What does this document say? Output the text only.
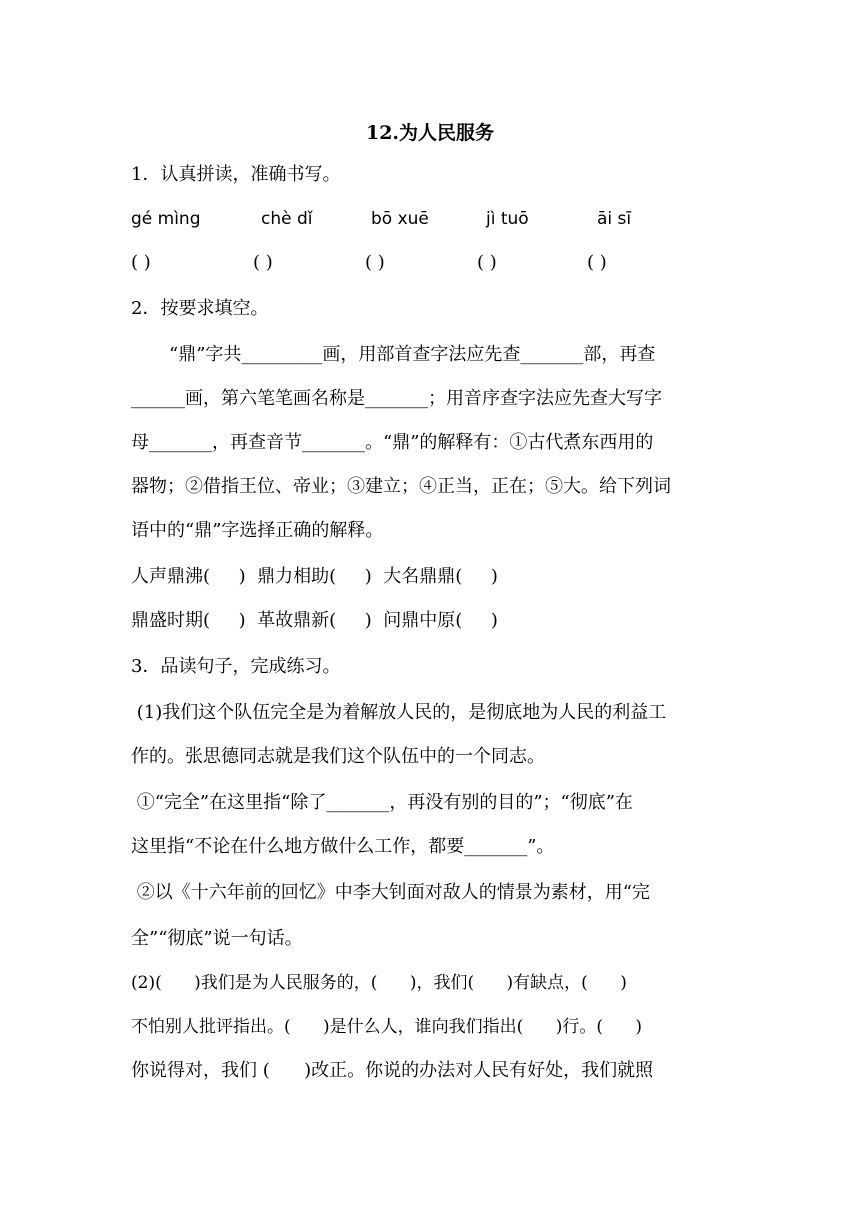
12.为人民服务
1．认真拼读，准确书写。
gé mìng	chè dǐ	bō xuē	jì tuō	āi sī
( )	( )	( )	( )	( )
2．按要求填空。
“鼎”字共_________画，用部首查字法应先查_______部，再查
______画，第六笔笔画名称是_______；用音序查字法应先查大写字
母_______，再查音节_______。“鼎”的解释有：①古代煮东西用的
器物；②借指王位、帝业；③建立；④正当，正在；⑤大。给下列词
语中的“鼎”字选择正确的解释。
人声鼎沸(     )  鼎力相助(     )  大名鼎鼎(     )
鼎盛时期(     )  革故鼎新(     )  问鼎中原(     )
3．品读句子，完成练习。
(1)我们这个队伍完全是为着解放人民的，是彻底地为人民的利益工
作的。张思德同志就是我们这个队伍中的一个同志。
①“完全”在这里指“除了_______，再没有别的目的”；“彻底”在
这里指“不论在什么地方做什么工作，都要_______”。
②以《十六年前的回忆》中李大钊面对敌人的情景为素材，用“完
全”“彻底”说一句话。
(2)(      )我们是为人民服务的，(      )，我们(      )有缺点，(      )
不怕别人批评指出。(      )是什么人，谁向我们指出(      )行。(      )
你说得对，我们 (      )改正。你说的办法对人民有好处，我们就照
